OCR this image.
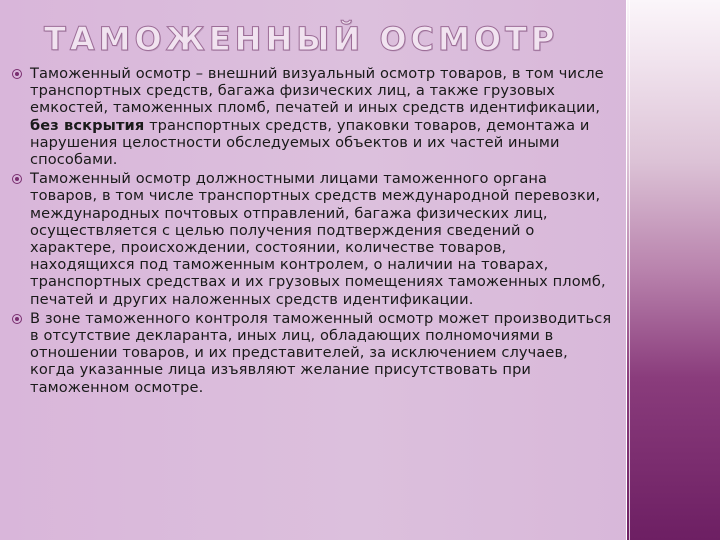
ТАМОЖЕННЫЙ ОСМОТР
Таможенный осмотр – внешний визуальный осмотр товаров, в том числе транспортных средств, багажа физических лиц, а также грузовых емкостей, таможенных пломб, печатей и иных средств идентификации, без вскрытия транспортных средств, упаковки товаров, демонтажа и нарушения целостности обследуемых объектов и их частей иными способами.
Таможенный осмотр должностными лицами таможенного органа товаров, в том числе транспортных средств международной перевозки, международных почтовых отправлений, багажа физических лиц, осуществляется с целью получения подтверждения сведений о характере, происхождении, состоянии, количестве товаров, находящихся под таможенным контролем, о наличии на товарах, транспортных средствах и их грузовых помещениях таможенных пломб, печатей и других наложенных средств идентификации.
В зоне таможенного контроля таможенный осмотр может производиться в отсутствие декларанта, иных лиц, обладающих полномочиями в отношении товаров, и их представителей, за исключением случаев, когда указанные лица изъявляют желание присутствовать при таможенном осмотре.
